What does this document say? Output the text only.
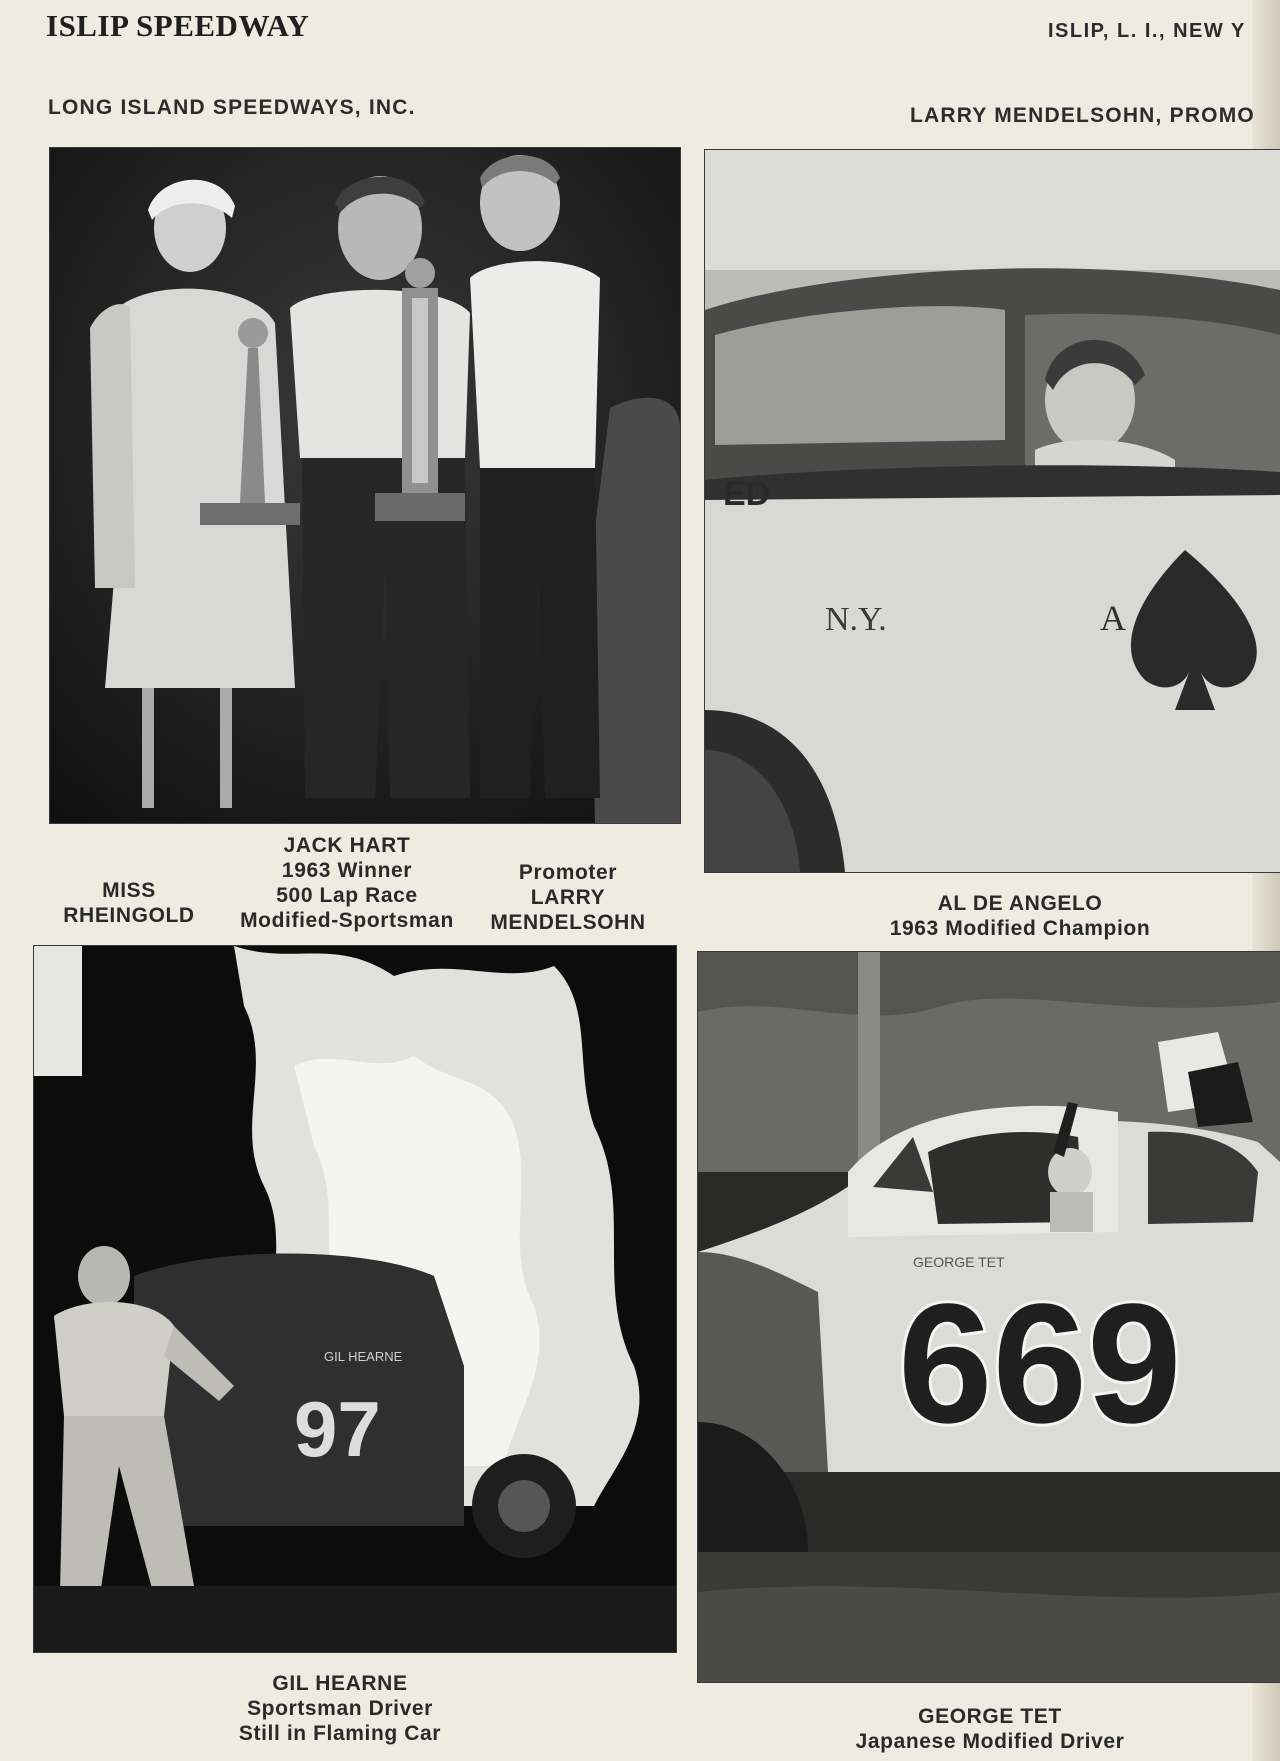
ISLIP SPEEDWAY	ISLIP, L. I., NEW Y
LONG ISLAND SPEEDWAYS, INC.	LARRY MENDELSOHN, PROMO
ED
N.Y.	A
GIL HEARNE
97
GEORGE TET
669
MISS
RHEINGOLD
JACK HART
1963 Winner
500 Lap Race
Modified-Sportsman
Promoter
LARRY
MENDELSOHN
AL DE ANGELO
1963 Modified Champion
GIL HEARNE
Sportsman Driver
Still in Flaming Car
GEORGE TET
Japanese Modified Driver
